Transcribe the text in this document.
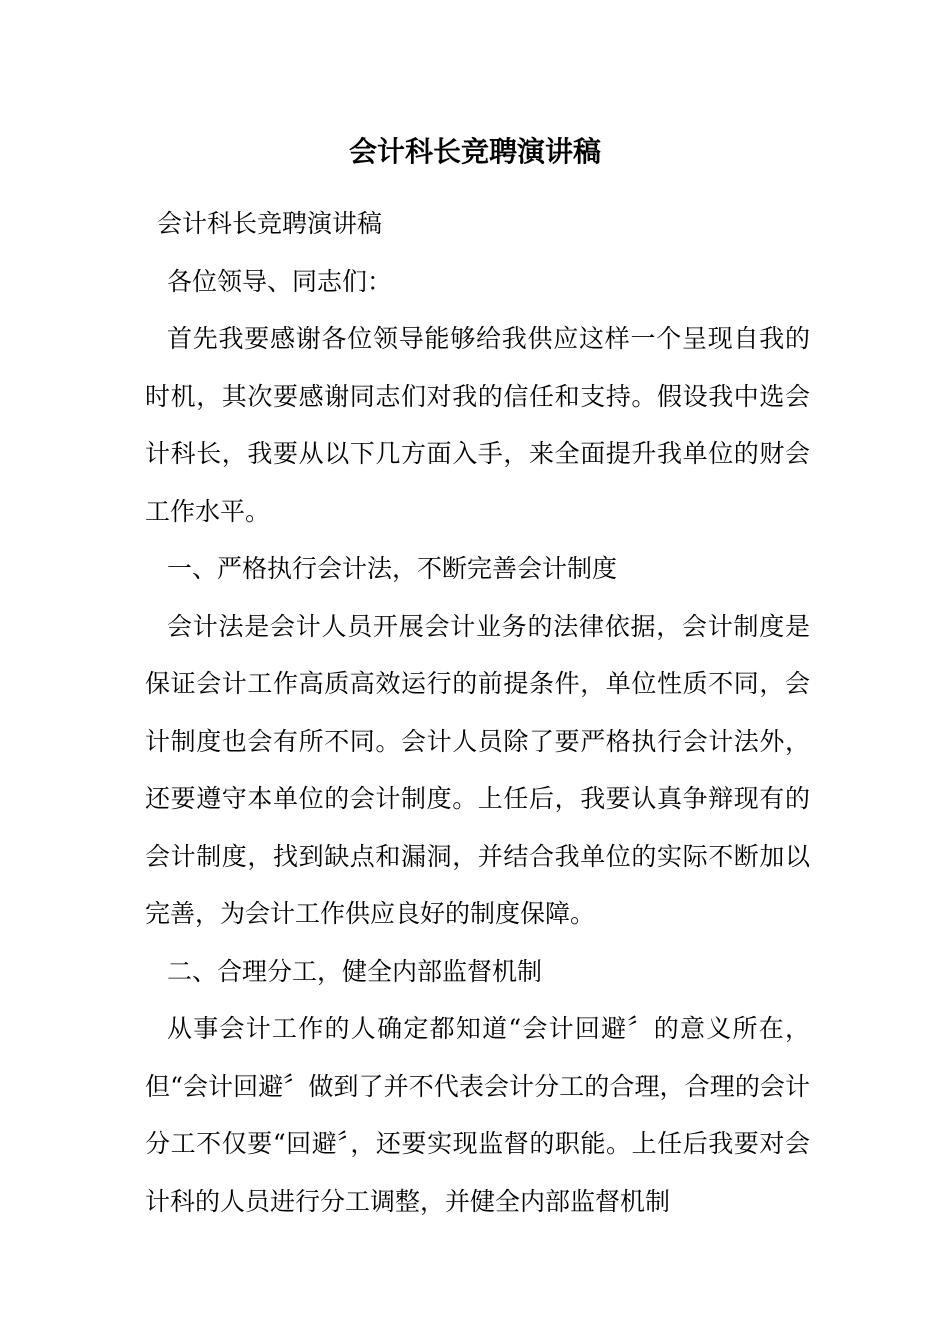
会计科长竞聘演讲稿

会计科长竞聘演讲稿

各位领导、同志们：

首先我要感谢各位领导能够给我供应这样一个呈现自我的时机，其次要感谢同志们对我的信任和支持。假设我中选会计科长，我要从以下几方面入手，来全面提升我单位的财会工作水平。

一、严格执行会计法，不断完善会计制度

会计法是会计人员开展会计业务的法律依据，会计制度是保证会计工作高质高效运行的前提条件，单位性质不同，会计制度也会有所不同。会计人员除了要严格执行会计法外，还要遵守本单位的会计制度。上任后，我要认真争辩现有的会计制度，找到缺点和漏洞，并结合我单位的实际不断加以完善，为会计工作供应良好的制度保障。

二、合理分工，健全内部监督机制

从事会计工作的人确定都知道“会计回避〞的意义所在，但“会计回避〞做到了并不代表会计分工的合理，合理的会计分工不仅要“回避〞，还要实现监督的职能。上任后我要对会计科的人员进行分工调整，并健全内部监督机制
